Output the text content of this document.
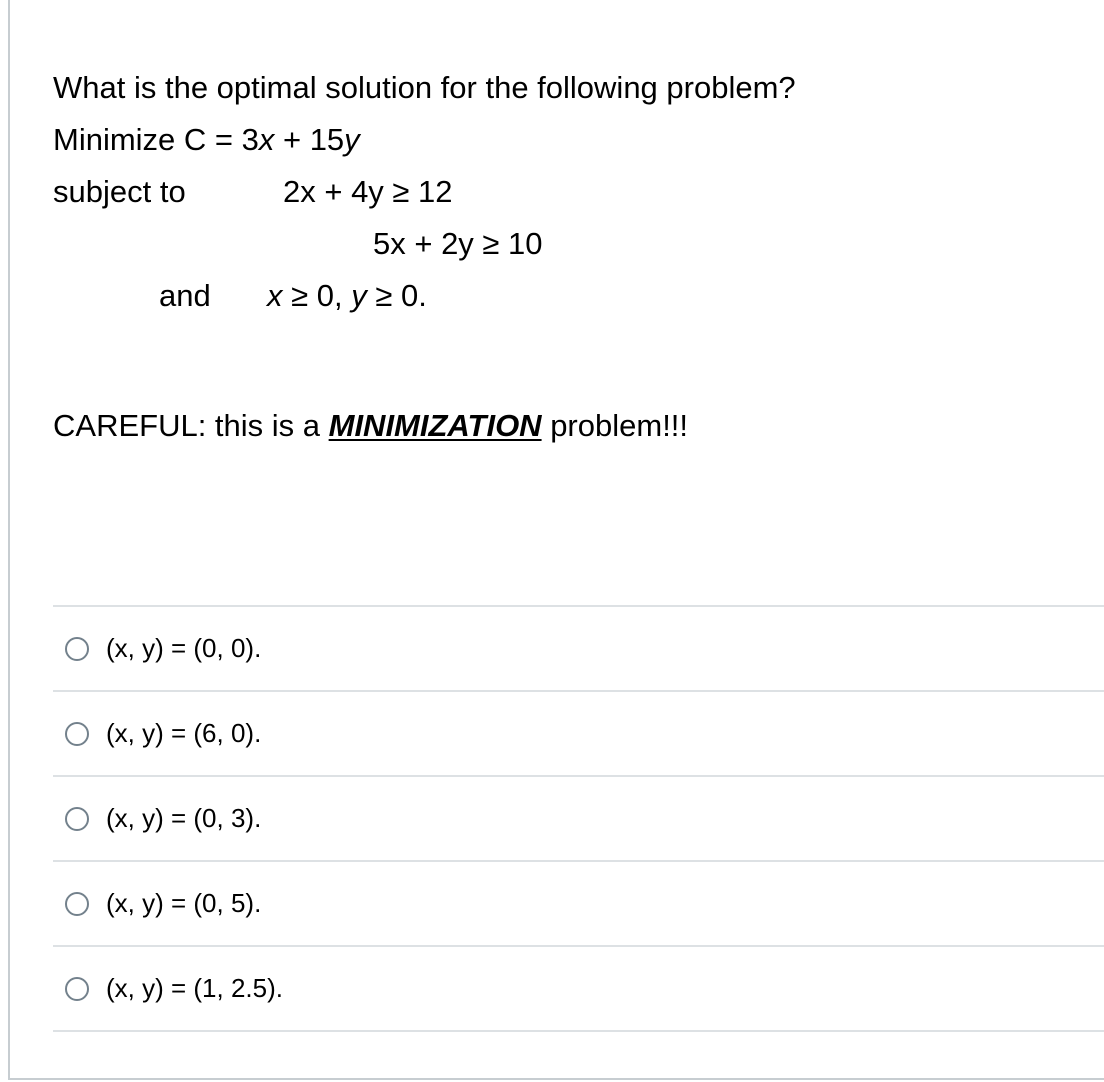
What is the optimal solution for the following problem?
Minimize C = 3x + 15y
subject to	2x + 4y ≥ 12
5x + 2y ≥ 10
and x ≥ 0, y ≥ 0.
CAREFUL: this is a MINIMIZATION problem!!!
(x, y) = (0, 0).
(x, y) = (6, 0).
(x, y) = (0, 3).
(x, y) = (0, 5).
(x, y) = (1, 2.5).
